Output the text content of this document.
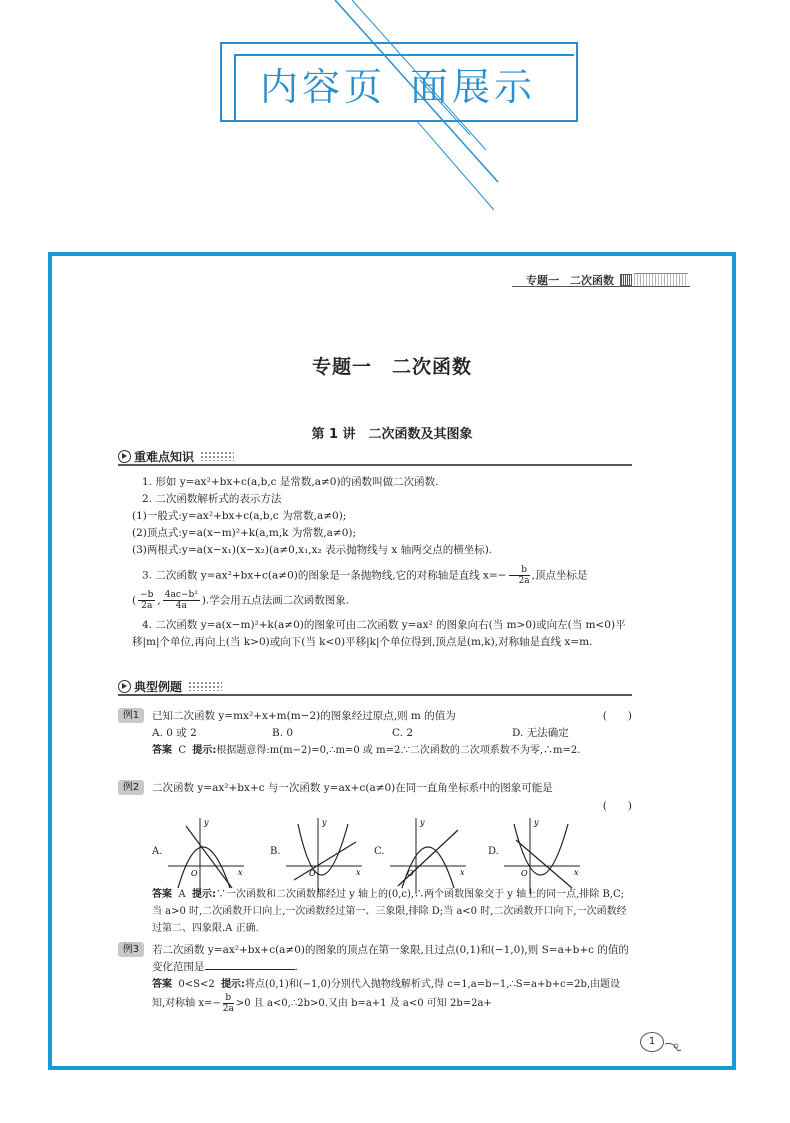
内容页 面展示
专题一　二次函数
专题一　二次函数
第 1 讲　二次函数及其图象
重难点知识

1. 形如 y=ax²+bx+c(a,b,c 是常数,a≠0)的函数叫做二次函数.

2. 二次函数解析式的表示方法

(1)一般式:y=ax²+bx+c(a,b,c 为常数,a≠0);

(2)顶点式:y=a(x−m)²+k(a,m,k 为常数,a≠0);

(3)两根式:y=a(x−x₁)(x−x₂)(a≠0,x₁,x₂ 表示抛物线与 x 轴两交点的横坐标).

3. 二次函数 y=ax²+bx+c(a≠0)的图象是一条抛物线,它的对称轴是直线 $x=- \frac{b}{2a}$ ,顶点坐标是

( $\frac{-b}{2a}$ , $\frac{\text{4ac−b²}}{4a}$ ).学会用五点法画二次函数图象.

4. 二次函数 y=a(x−m)²+k(a≠0)的图象可由二次函数 y=ax² 的图象向右(当 m>0)或向左(当 m<0)平移|m|个单位,再向上(当 k>0)或向下(当 k<0)平移|k|个单位得到,顶点是(m,k),对称轴是直线 x=m.

典型例题
例1	已知二次函数 y=mx²+x+m(m−2)的图象经过原点,则 m 的值为
A. 0 或 2	B. 0	C. 2	D. 无法确定
答案 C 提示:根据题意得:m(m−2)=0,∴m=0 或 m=2.∵二次函数的二次项系数不为零,∴m=2.
(　　)
例2	二次函数 y=ax²+bx+c 与一次函数 y=ax+c(a≠0)在同一直角坐标系中的图象可能是
(　　)
A.
y
x
O
B.
y
x
O
C.
y
x
O
D.
y
x
O
答案 A 提示:∵一次函数和二次函数都经过 y 轴上的(0,c),∴两个函数图象交于 y 轴上的同一点,排除 B,C;当 a>0 时,二次函数开口向上,一次函数经过第一、三象限,排除 D;当 a<0 时,二次函数开口向下,一次函数经过第二、四象限.A 正确.
例3	若二次函数 y=ax²+bx+c(a≠0)的图象的顶点在第一象限,且过点(0,1)和(−1,0),则 S=a+b+c 的值的变化范围是	.
答案 0<S<2 提示:将点(0,1)和(−1,0)分别代入抛物线解析式,得 c=1,a=b−1,∴S=a+b+c=2b,由题设知,对称轴 $x=- \frac{b}{2a} >0$ 且 a<0,∴2b>0.又由 b=a+1 及 a<0 可知 2b=2a+
1
